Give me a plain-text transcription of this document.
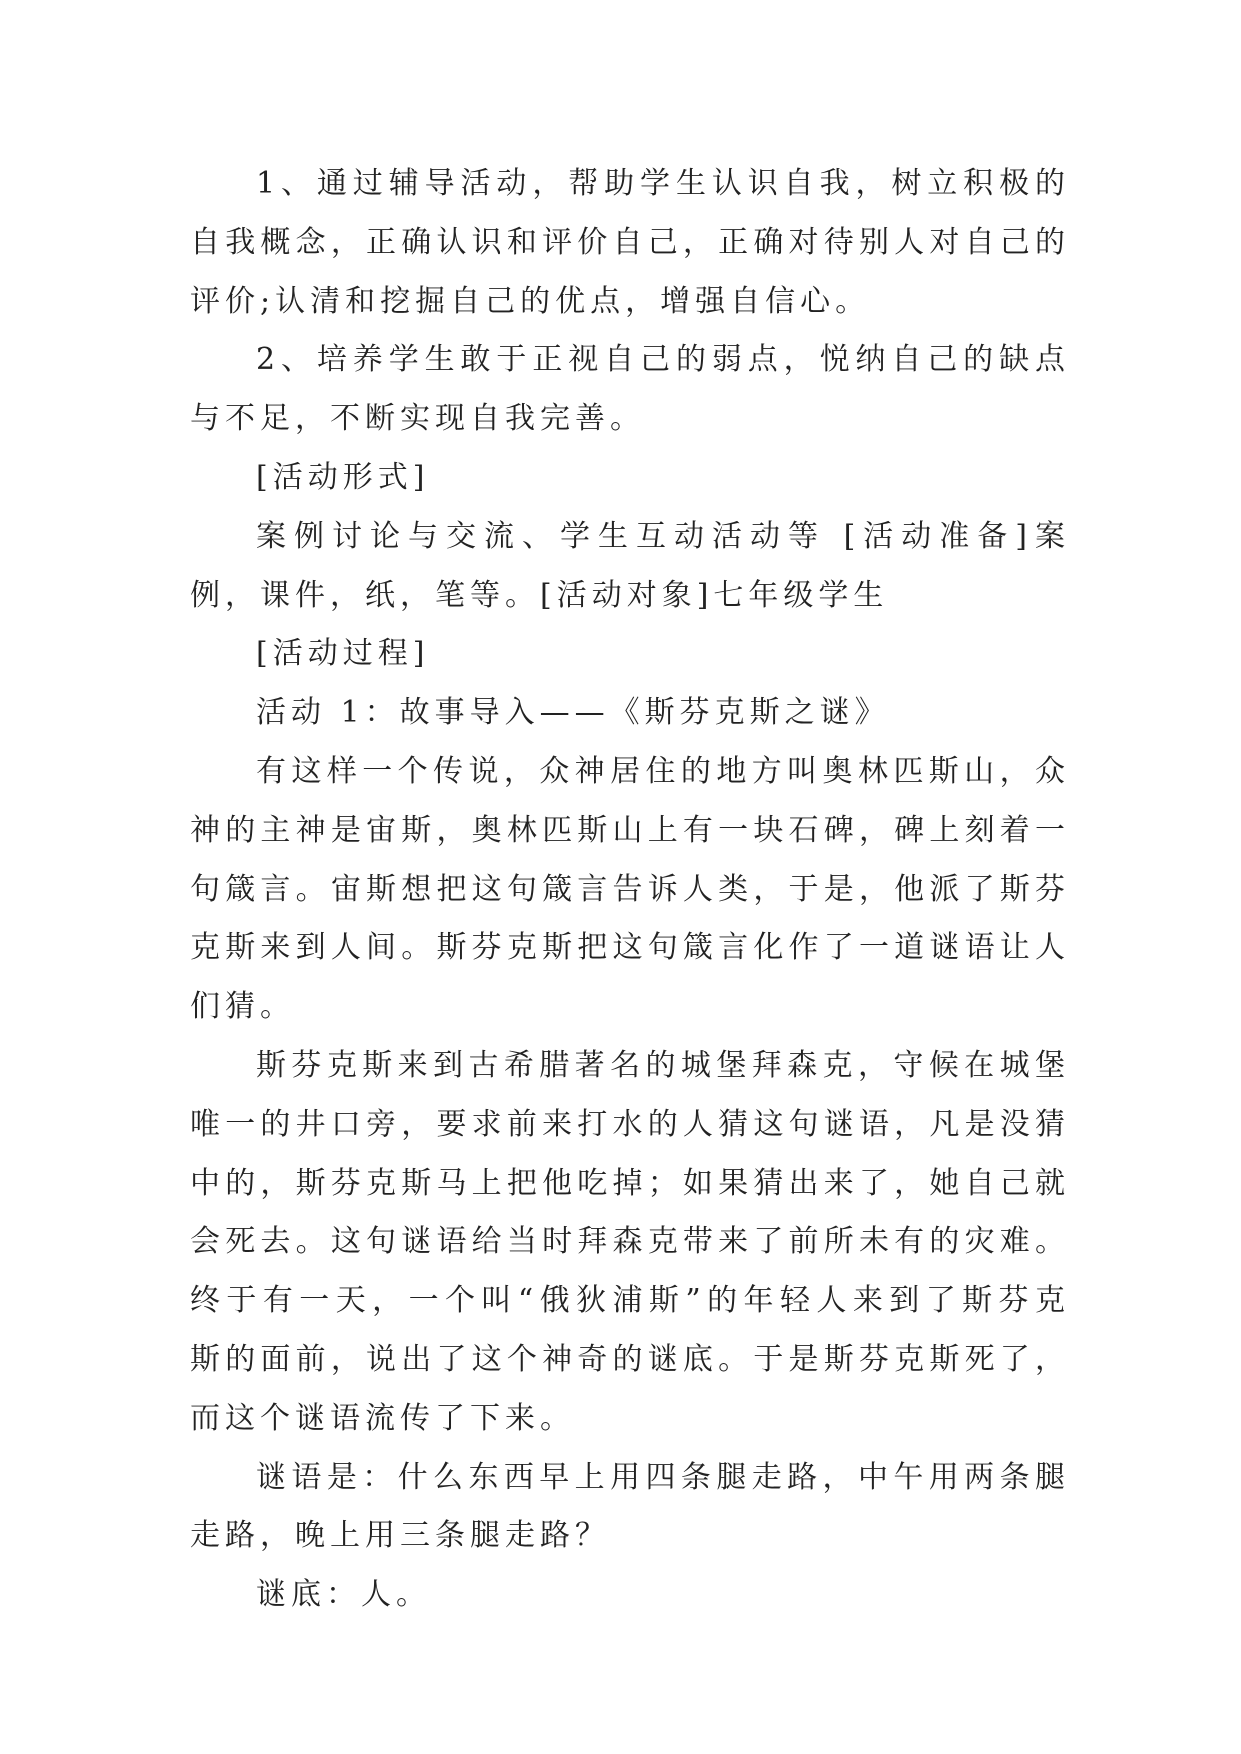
1、通过辅导活动，帮助学生认识自我，树立积极的自我概念，正确认识和评价自己，正确对待别人对自己的评价;认清和挖掘自己的优点，增强自信心。

2、培养学生敢于正视自己的弱点，悦纳自己的缺点与不足，不断实现自我完善。

[活动形式]

案例讨论与交流、学生互动活动等 [活动准备]案例，课件，纸，笔等。[活动对象]七年级学生

[活动过程]

活动 1：故事导入——《斯芬克斯之谜》

有这样一个传说，众神居住的地方叫奥林匹斯山，众神的主神是宙斯，奥林匹斯山上有一块石碑，碑上刻着一句箴言。宙斯想把这句箴言告诉人类，于是，他派了斯芬克斯来到人间。斯芬克斯把这句箴言化作了一道谜语让人们猜。

斯芬克斯来到古希腊著名的城堡拜森克，守候在城堡唯一的井口旁，要求前来打水的人猜这句谜语，凡是没猜中的，斯芬克斯马上把他吃掉；如果猜出来了，她自己就会死去。这句谜语给当时拜森克带来了前所未有的灾难。终于有一天，一个叫“俄狄浦斯”的年轻人来到了斯芬克斯的面前，说出了这个神奇的谜底。于是斯芬克斯死了，而这个谜语流传了下来。

谜语是：什么东西早上用四条腿走路，中午用两条腿走路，晚上用三条腿走路？

谜底：人。
